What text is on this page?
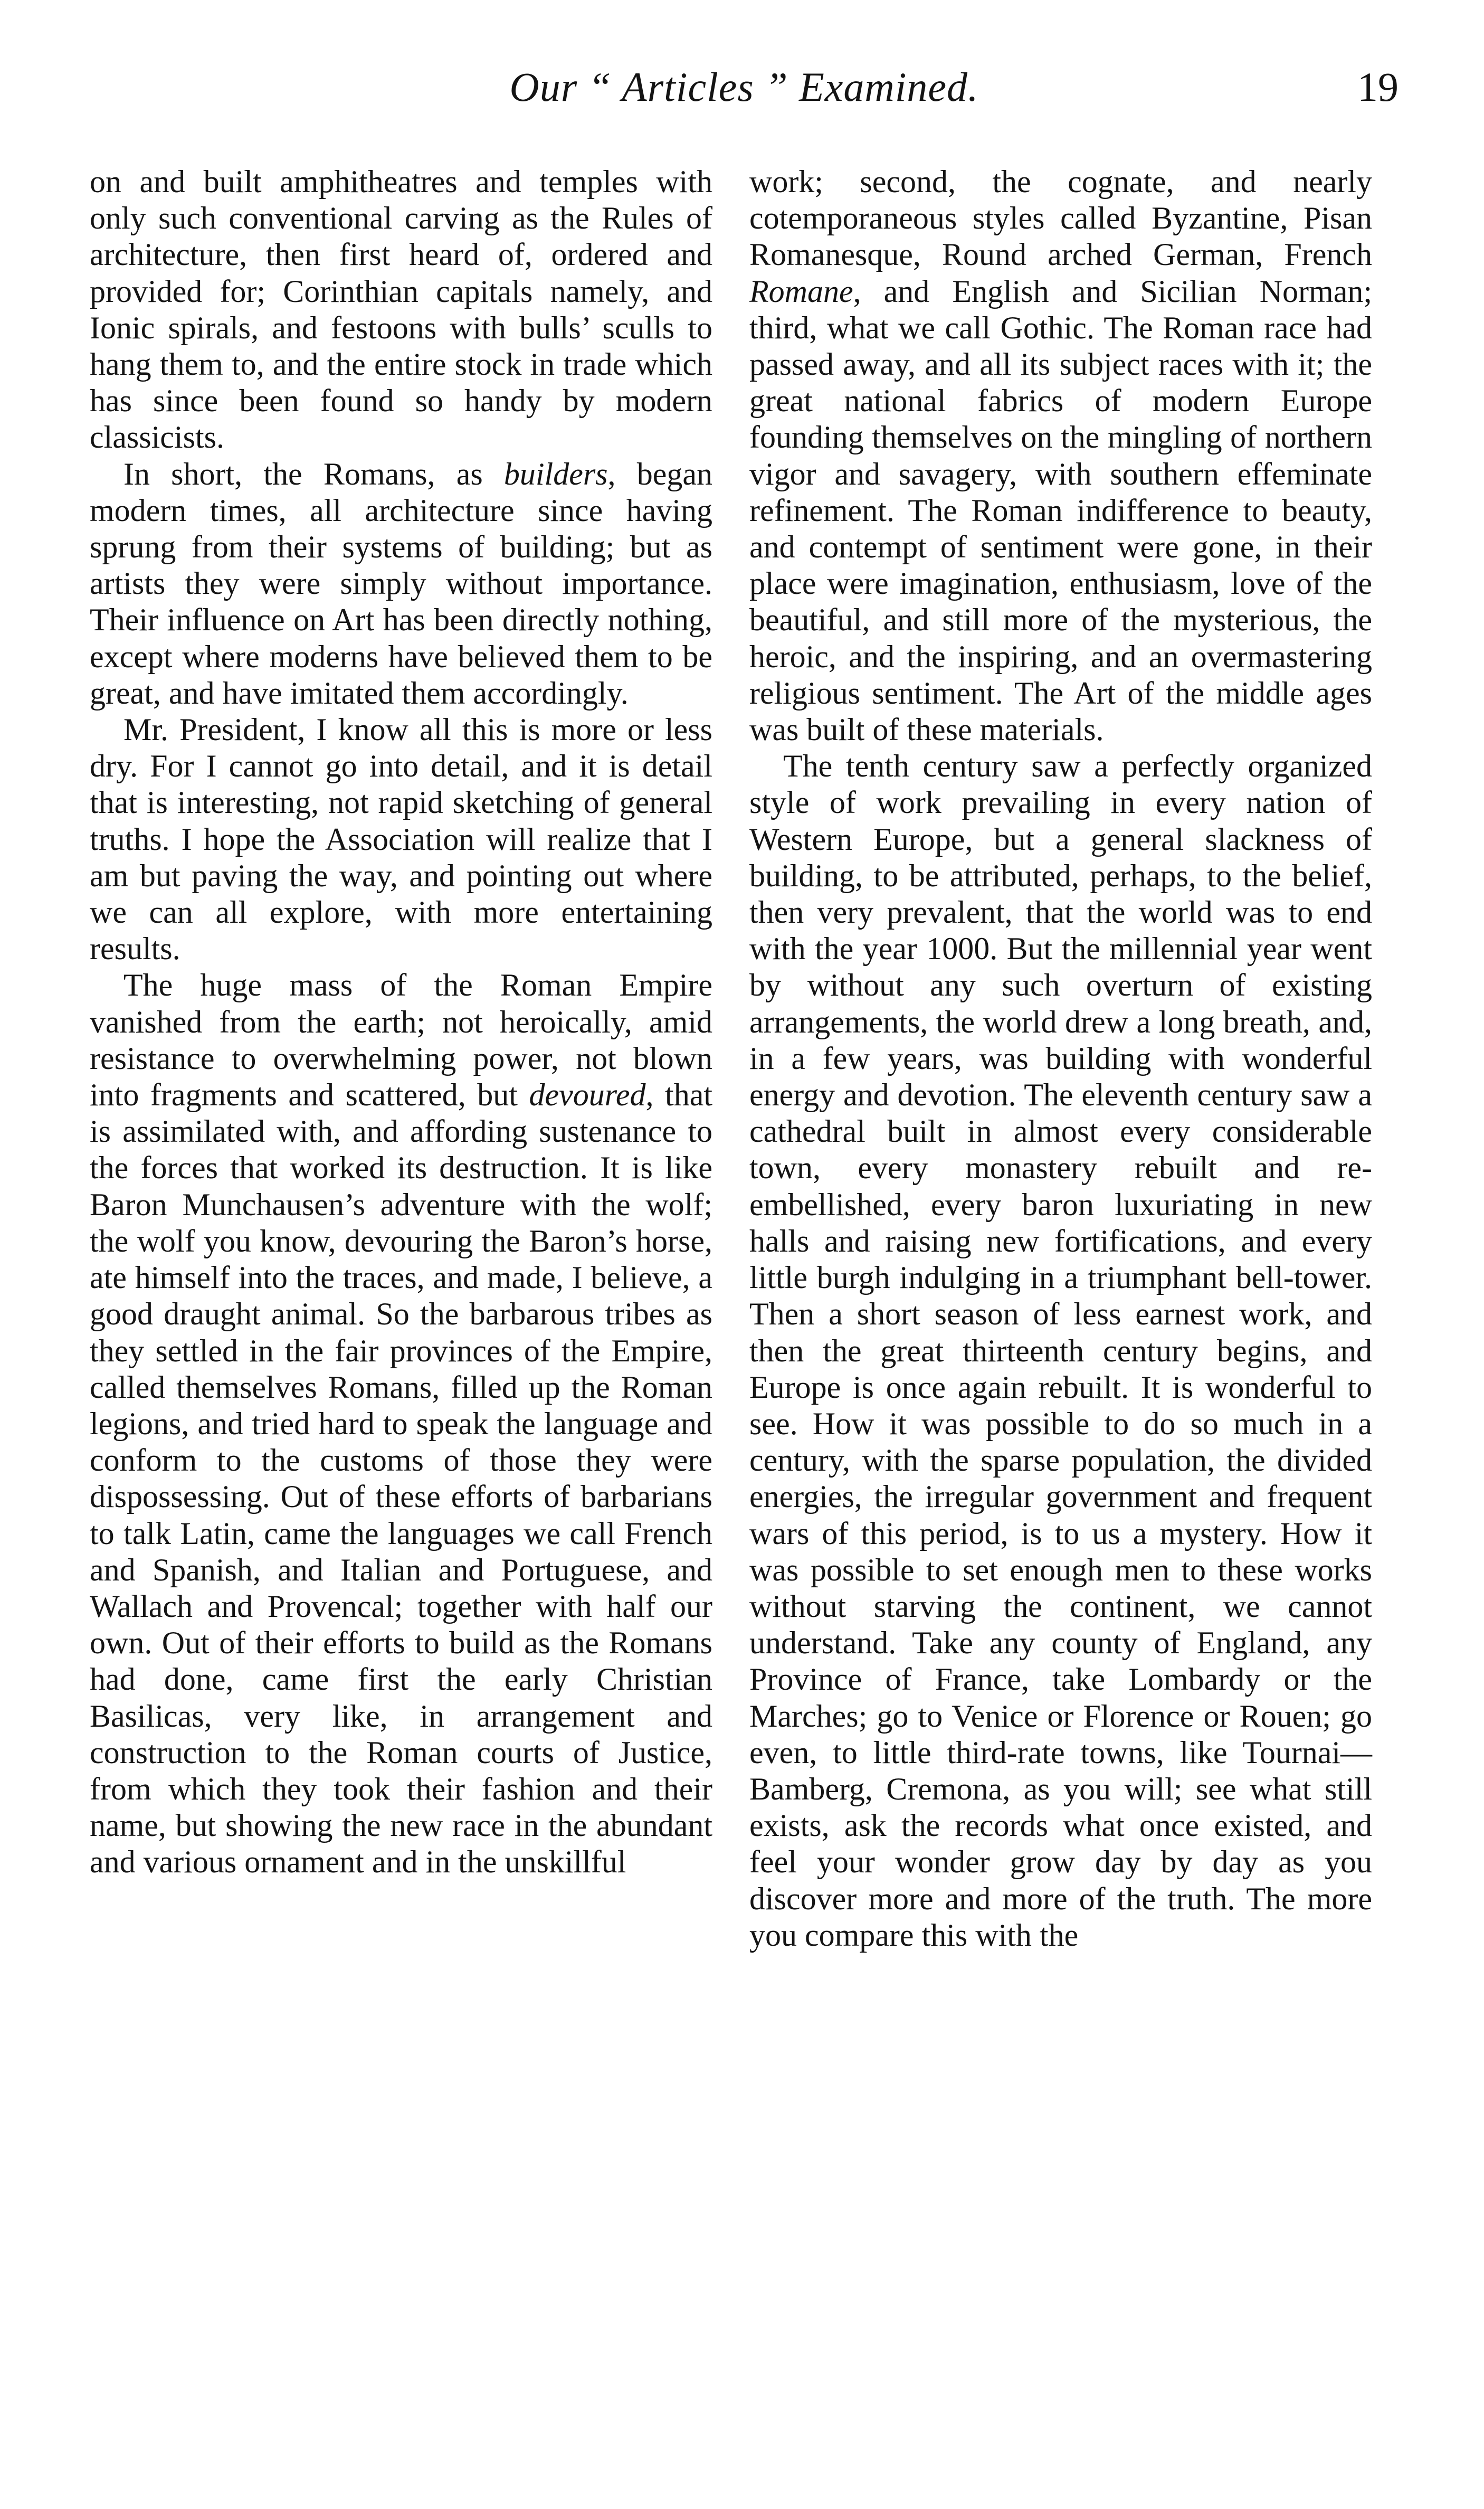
Our “ Articles ” Examined.	19

on and built amphitheatres and temples with only such conventional carving as the Rules of architecture, then first heard of, ordered and provided for; Corinthian capitals namely, and Ionic spirals, and festoons with bulls’ sculls to hang them to, and the entire stock in trade which has since been found so handy by modern classicists.

In short, the Romans, as builders, began modern times, all architecture since having sprung from their systems of building; but as artists they were simply without importance. Their influence on Art has been directly nothing, except where moderns have believed them to be great, and have imitated them accordingly.

Mr. President, I know all this is more or less dry. For I cannot go into detail, and it is detail that is interesting, not rapid sketching of general truths. I hope the Association will realize that I am but paving the way, and pointing out where we can all explore, with more entertaining results.

The huge mass of the Roman Empire vanished from the earth; not heroically, amid resistance to overwhelming power, not blown into fragments and scattered, but devoured, that is assimilated with, and affording sustenance to the forces that worked its destruction. It is like Baron Munchausen’s adventure with the wolf; the wolf you know, devouring the Baron’s horse, ate himself into the traces, and made, I believe, a good draught animal. So the barbarous tribes as they settled in the fair provinces of the Empire, called themselves Romans, filled up the Roman legions, and tried hard to speak the language and conform to the customs of those they were dispossessing. Out of these efforts of barbarians to talk Latin, came the languages we call French and Spanish, and Italian and Portuguese, and Wallach and Provencal; together with half our own. Out of their efforts to build as the Romans had done, came first the early Christian Basilicas, very like, in arrangement and construction to the Roman courts of Justice, from which they took their fashion and their name, but showing the new race in the abundant and various ornament and in the unskillful

work; second, the cognate, and nearly cotemporaneous styles called Byzantine, Pisan Romanesque, Round arched German, French Romane, and English and Sicilian Norman; third, what we call Gothic. The Roman race had passed away, and all its subject races with it; the great national fabrics of modern Europe founding themselves on the mingling of northern vigor and savagery, with southern effeminate refinement. The Roman indifference to beauty, and contempt of sentiment were gone, in their place were imagination, enthusiasm, love of the beautiful, and still more of the mysterious, the heroic, and the inspiring, and an overmastering religious sentiment. The Art of the middle ages was built of these materials.

The tenth century saw a perfectly organized style of work prevailing in every nation of Western Europe, but a general slackness of building, to be attributed, perhaps, to the belief, then very prevalent, that the world was to end with the year 1000. But the millennial year went by without any such overturn of existing arrangements, the world drew a long breath, and, in a few years, was building with wonderful energy and devotion. The eleventh century saw a cathedral built in almost every considerable town, every monastery rebuilt and re-embellished, every baron luxuriating in new halls and raising new fortifications, and every little burgh indulging in a triumphant bell-tower. Then a short season of less earnest work, and then the great thirteenth century begins, and Europe is once again rebuilt. It is wonderful to see. How it was possible to do so much in a century, with the sparse population, the divided energies, the irregular government and frequent wars of this period, is to us a mystery. How it was possible to set enough men to these works without starving the continent, we cannot understand. Take any county of England, any Province of France, take Lombardy or the Marches; go to Venice or Florence or Rouen; go even, to little third-rate towns, like Tournai—Bamberg, Cremona, as you will; see what still exists, ask the records what once existed, and feel your wonder grow day by day as you discover more and more of the truth. The more you compare this with the
